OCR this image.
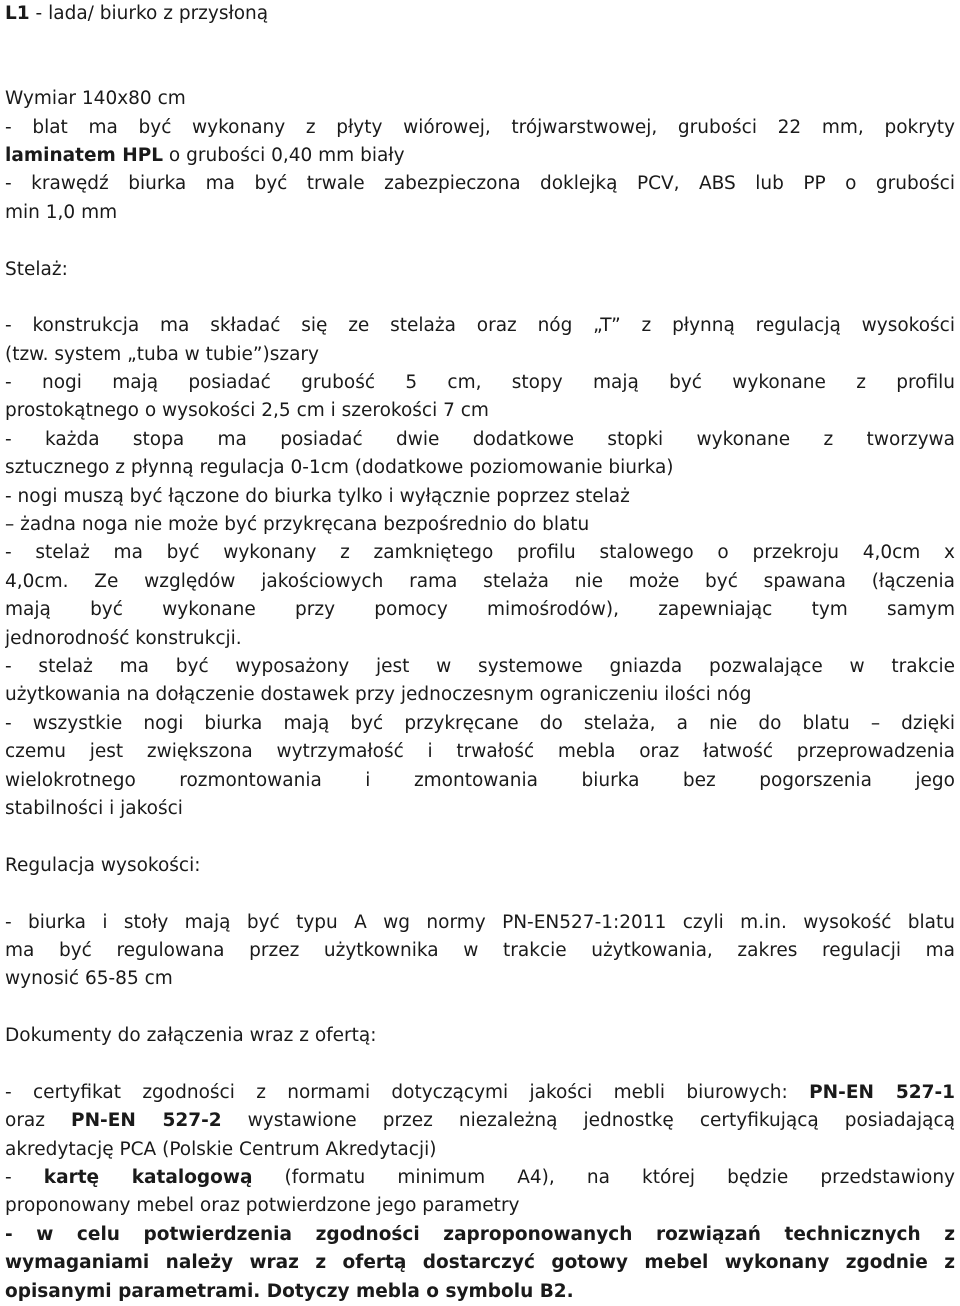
L1 - lada/ biurko z przysłoną
Wymiar 140x80 cm
- blat ma być wykonany z płyty wiórowej, trójwarstwowej, grubości 22 mm, pokryty
laminatem HPL o grubości 0,40 mm biały
- krawędź biurka ma być trwale zabezpieczona doklejką PCV, ABS lub PP o grubości
min 1,0 mm
Stelaż:
- konstrukcja ma składać się ze stelaża oraz nóg „T” z płynną regulacją wysokości
(tzw. system „tuba w tubie”)szary
- nogi mają posiadać grubość 5 cm, stopy mają być wykonane z profilu
prostokątnego o wysokości 2,5 cm i szerokości 7 cm
- każda stopa ma posiadać dwie dodatkowe stopki wykonane z tworzywa
sztucznego z płynną regulacja 0-1cm (dodatkowe poziomowanie biurka)
- nogi muszą być łączone do biurka tylko i wyłącznie poprzez stelaż
– żadna noga nie może być przykręcana bezpośrednio do blatu
- stelaż ma być wykonany z zamkniętego profilu stalowego o przekroju 4,0cm x
4,0cm. Ze względów jakościowych rama stelaża nie może być spawana (łączenia
mają być wykonane przy pomocy mimośrodów), zapewniając tym samym
jednorodność konstrukcji.
- stelaż ma być wyposażony jest w systemowe gniazda pozwalające w trakcie
użytkowania na dołączenie dostawek przy jednoczesnym ograniczeniu ilości nóg
- wszystkie nogi biurka mają być przykręcane do stelaża, a nie do blatu – dzięki
czemu jest zwiększona wytrzymałość i trwałość mebla oraz łatwość przeprowadzenia
wielokrotnego rozmontowania i zmontowania biurka bez pogorszenia jego
stabilności i jakości
Regulacja wysokości:
- biurka i stoły mają być typu A wg normy PN-EN527-1:2011 czyli m.in. wysokość blatu
ma być regulowana przez użytkownika w trakcie użytkowania, zakres regulacji ma
wynosić 65-85 cm
Dokumenty do załączenia wraz z ofertą:
- certyfikat zgodności z normami dotyczącymi jakości mebli biurowych: PN-EN 527-1
oraz PN-EN 527-2 wystawione przez niezależną jednostkę certyfikującą posiadającą
akredytację PCA (Polskie Centrum Akredytacji)
- kartę katalogową (formatu minimum A4), na której będzie przedstawiony
proponowany mebel oraz potwierdzone jego parametry
- w celu potwierdzenia zgodności zaproponowanych rozwiązań technicznych z
wymaganiami należy wraz z ofertą dostarczyć gotowy mebel wykonany zgodnie z
opisanymi parametrami. Dotyczy mebla o symbolu B2.
